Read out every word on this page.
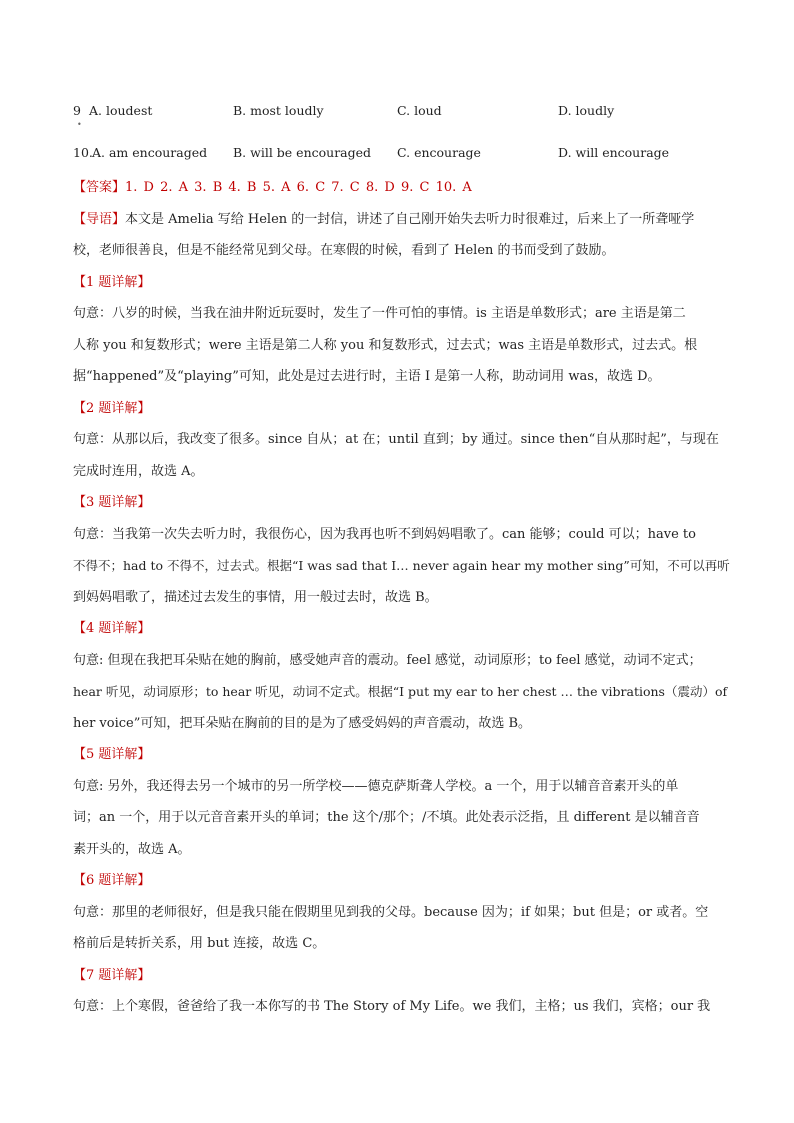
9 A. loudest	B. most loudly	C. loud	D. loudly
•
10. A. am encouraged B. will be encouraged C. encourage	D. will encourage

【答案】1. D 2. A 3. B 4. B 5. A 6. C 7. C 8. D 9. C 10. A

【导语】本文是 Amelia 写给 Helen 的一封信，讲述了自己刚开始失去听力时很难过，后来上了一所聋哑学

校，老师很善良，但是不能经常见到父母。在寒假的时候，看到了 Helen 的书而受到了鼓励。

【1 题详解】

句意：八岁的时候，当我在油井附近玩耍时，发生了一件可怕的事情。is 主语是单数形式；are 主语是第二

人称 you 和复数形式；were 主语是第二人称 you 和复数形式，过去式；was 主语是单数形式，过去式。根

据“happened”及“playing”可知，此处是过去进行时，主语 I 是第一人称，助动词用 was，故选 D。

【2 题详解】

句意：从那以后，我改变了很多。since 自从；at 在；until 直到；by 通过。since then“自从那时起”，与现在

完成时连用，故选 A。

【3 题详解】

句意：当我第一次失去听力时，我很伤心，因为我再也听不到妈妈唱歌了。can 能够；could 可以；have to

不得不；had to 不得不，过去式。根据“I was sad that I… never again hear my mother sing”可知，不可以再听

到妈妈唱歌了，描述过去发生的事情，用一般过去时，故选 B。

【4 题详解】

句意: 但现在我把耳朵贴在她的胸前，感受她声音的震动。feel 感觉，动词原形；to feel 感觉，动词不定式；

hear 听见，动词原形；to hear 听见，动词不定式。根据“I put my ear to her chest … the vibrations（震动）of

her voice”可知，把耳朵贴在胸前的目的是为了感受妈妈的声音震动，故选 B。

【5 题详解】

句意: 另外，我还得去另一个城市的另一所学校——德克萨斯聋人学校。a 一个，用于以辅音音素开头的单

词；an 一个，用于以元音音素开头的单词；the 这个/那个；/不填。此处表示泛指，且 different 是以辅音音

素开头的，故选 A。

【6 题详解】

句意：那里的老师很好，但是我只能在假期里见到我的父母。because 因为；if 如果；but 但是；or 或者。空

格前后是转折关系，用 but 连接，故选 C。

【7 题详解】

句意：上个寒假，爸爸给了我一本你写的书 The Story of My Life。we 我们，主格；us 我们，宾格；our 我
